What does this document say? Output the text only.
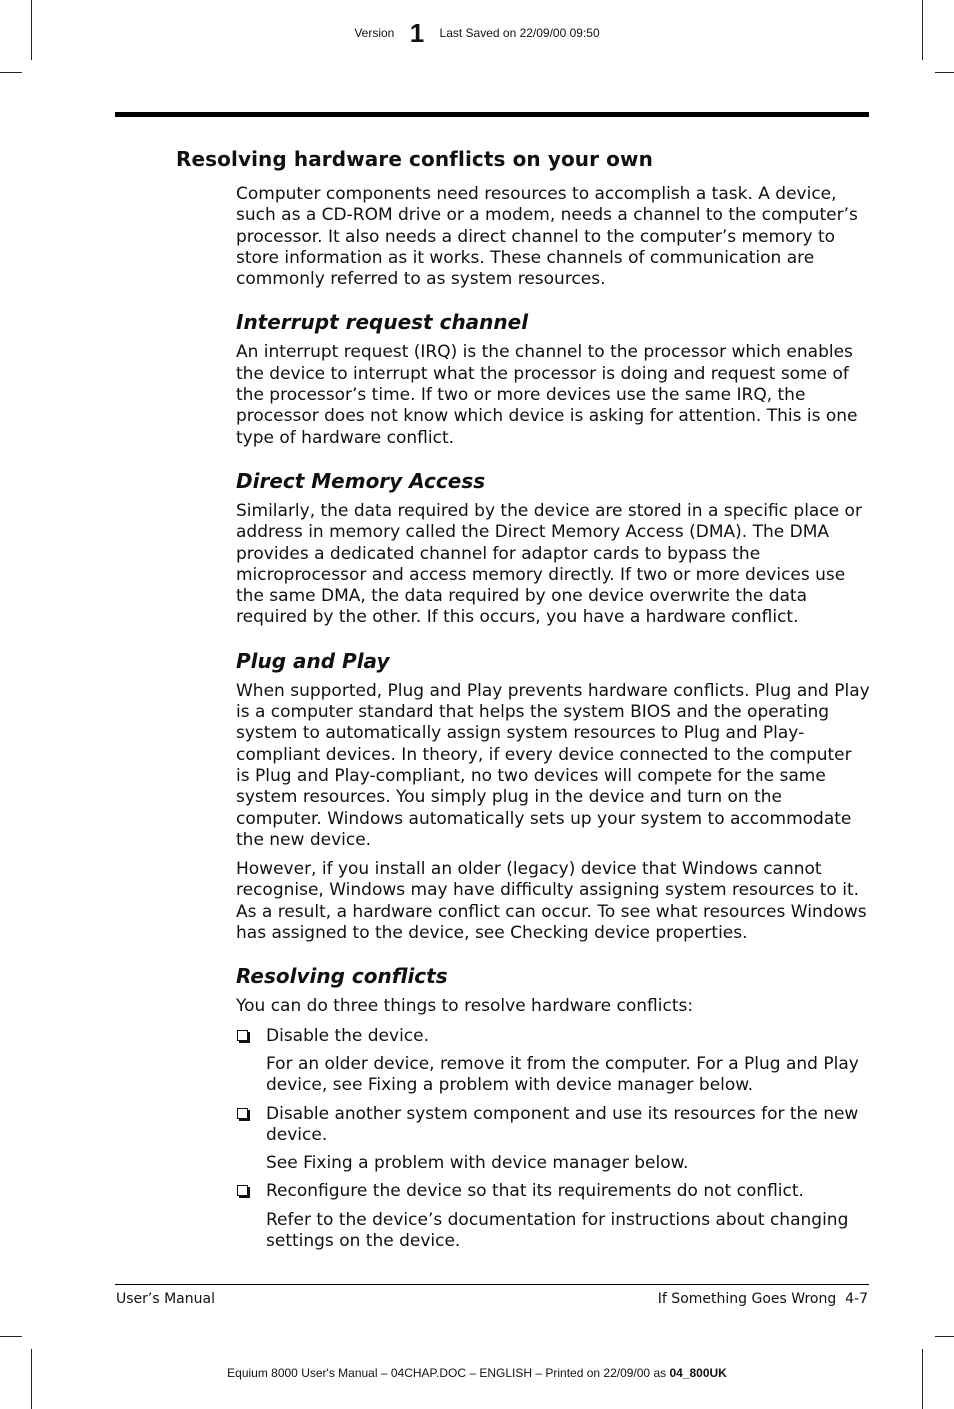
Version 1 Last Saved on 22/09/00 09:50
Resolving hardware conflicts on your own

Computer components need resources to accomplish a task. A device, such as a CD-ROM drive or a modem, needs a channel to the computer’s processor. It also needs a direct channel to the computer’s memory to store information as it works. These channels of communication are commonly referred to as system resources.

Interrupt request channel

An interrupt request (IRQ) is the channel to the processor which enables the device to interrupt what the processor is doing and request some of the processor’s time. If two or more devices use the same IRQ, the processor does not know which device is asking for attention. This is one type of hardware conflict.

Direct Memory Access

Similarly, the data required by the device are stored in a specific place or address in memory called the Direct Memory Access (DMA). The DMA provides a dedicated channel for adaptor cards to bypass the microprocessor and access memory directly. If two or more devices use the same DMA, the data required by one device overwrite the data required by the other. If this occurs, you have a hardware conflict.

Plug and Play

When supported, Plug and Play prevents hardware conflicts. Plug and Play is a computer standard that helps the system BIOS and the operating system to automatically assign system resources to Plug and Play-compliant devices. In theory, if every device connected to the computer is Plug and Play-compliant, no two devices will compete for the same system resources. You simply plug in the device and turn on the computer. Windows automatically sets up your system to accommodate the new device.

However, if you install an older (legacy) device that Windows cannot recognise, Windows may have difficulty assigning system resources to it. As a result, a hardware conflict can occur. To see what resources Windows has assigned to the device, see Checking device properties.

Resolving conflicts

You can do three things to resolve hardware conflicts:

Disable the device.
For an older device, remove it from the computer. For a Plug and Play device, see Fixing a problem with device manager below.
Disable another system component and use its resources for the new device.
See Fixing a problem with device manager below.
Reconfigure the device so that its requirements do not conflict.
Refer to the device’s documentation for instructions about changing settings on the device.
User’s Manual	If Something Goes Wrong  4-7
Equium 8000 User's Manual – 04CHAP.DOC – ENGLISH – Printed on 22/09/00 as 04_800UK
